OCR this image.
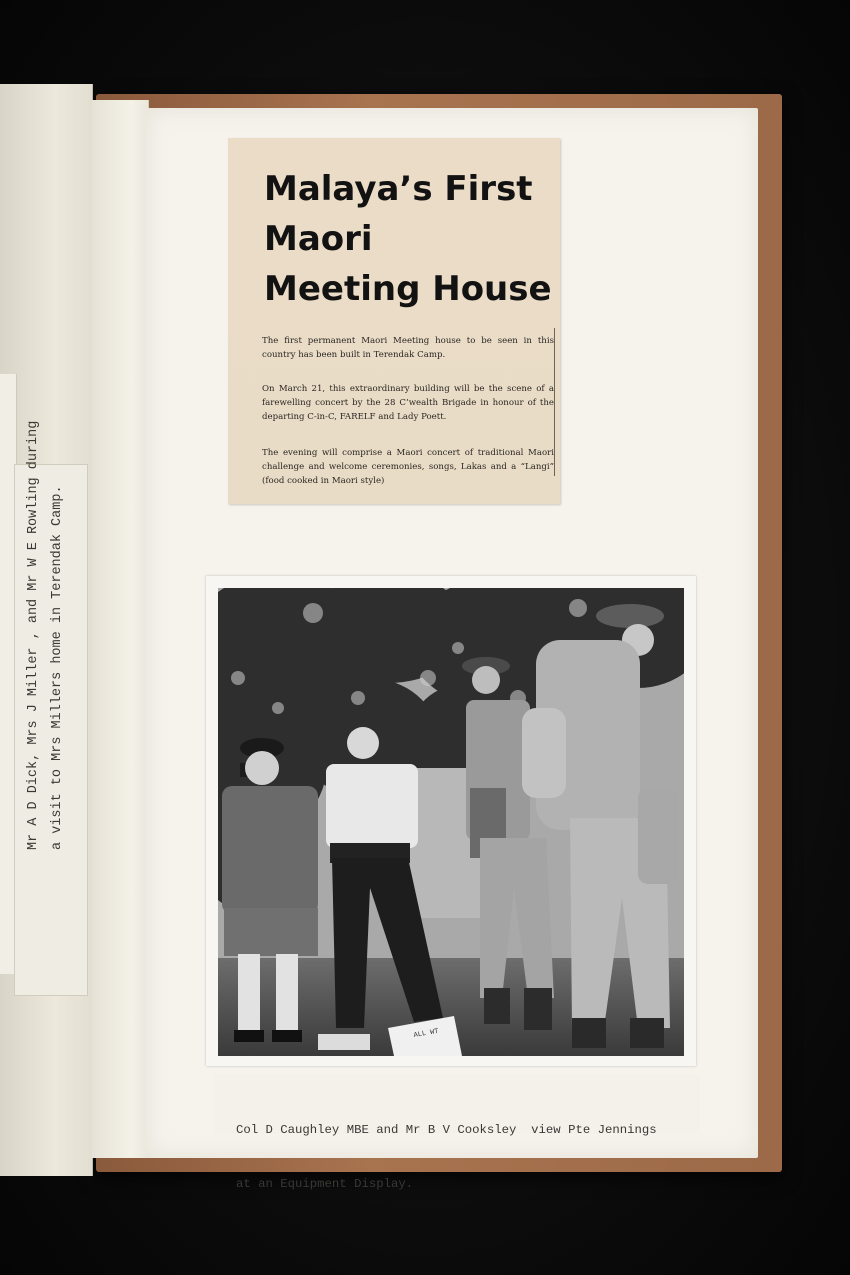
Mr A D Dick, Mrs J Miller , and Mr W E Rowling during a visit to Mrs Millers home in Terendak Camp.
Malaya’s First
Maori
Meeting House

The first permanent Maori Meeting house to be seen in this country has been built in Terendak Camp.

On March 21, this extraordinary building will be the scene of a farewelling concert by the 28 C’wealth Brigade in honour of the departing C-in-C, FARELF and Lady Poett.

The evening will comprise a Maori concert of traditional Maori challenge and welcome ceremonies, songs, Lakas and a “Langi” (food cooked in Maori style)

ALL WT

Col D Caughley MBE and Mr B V Cooksley  view Pte Jennings

at an Equipment Display.
